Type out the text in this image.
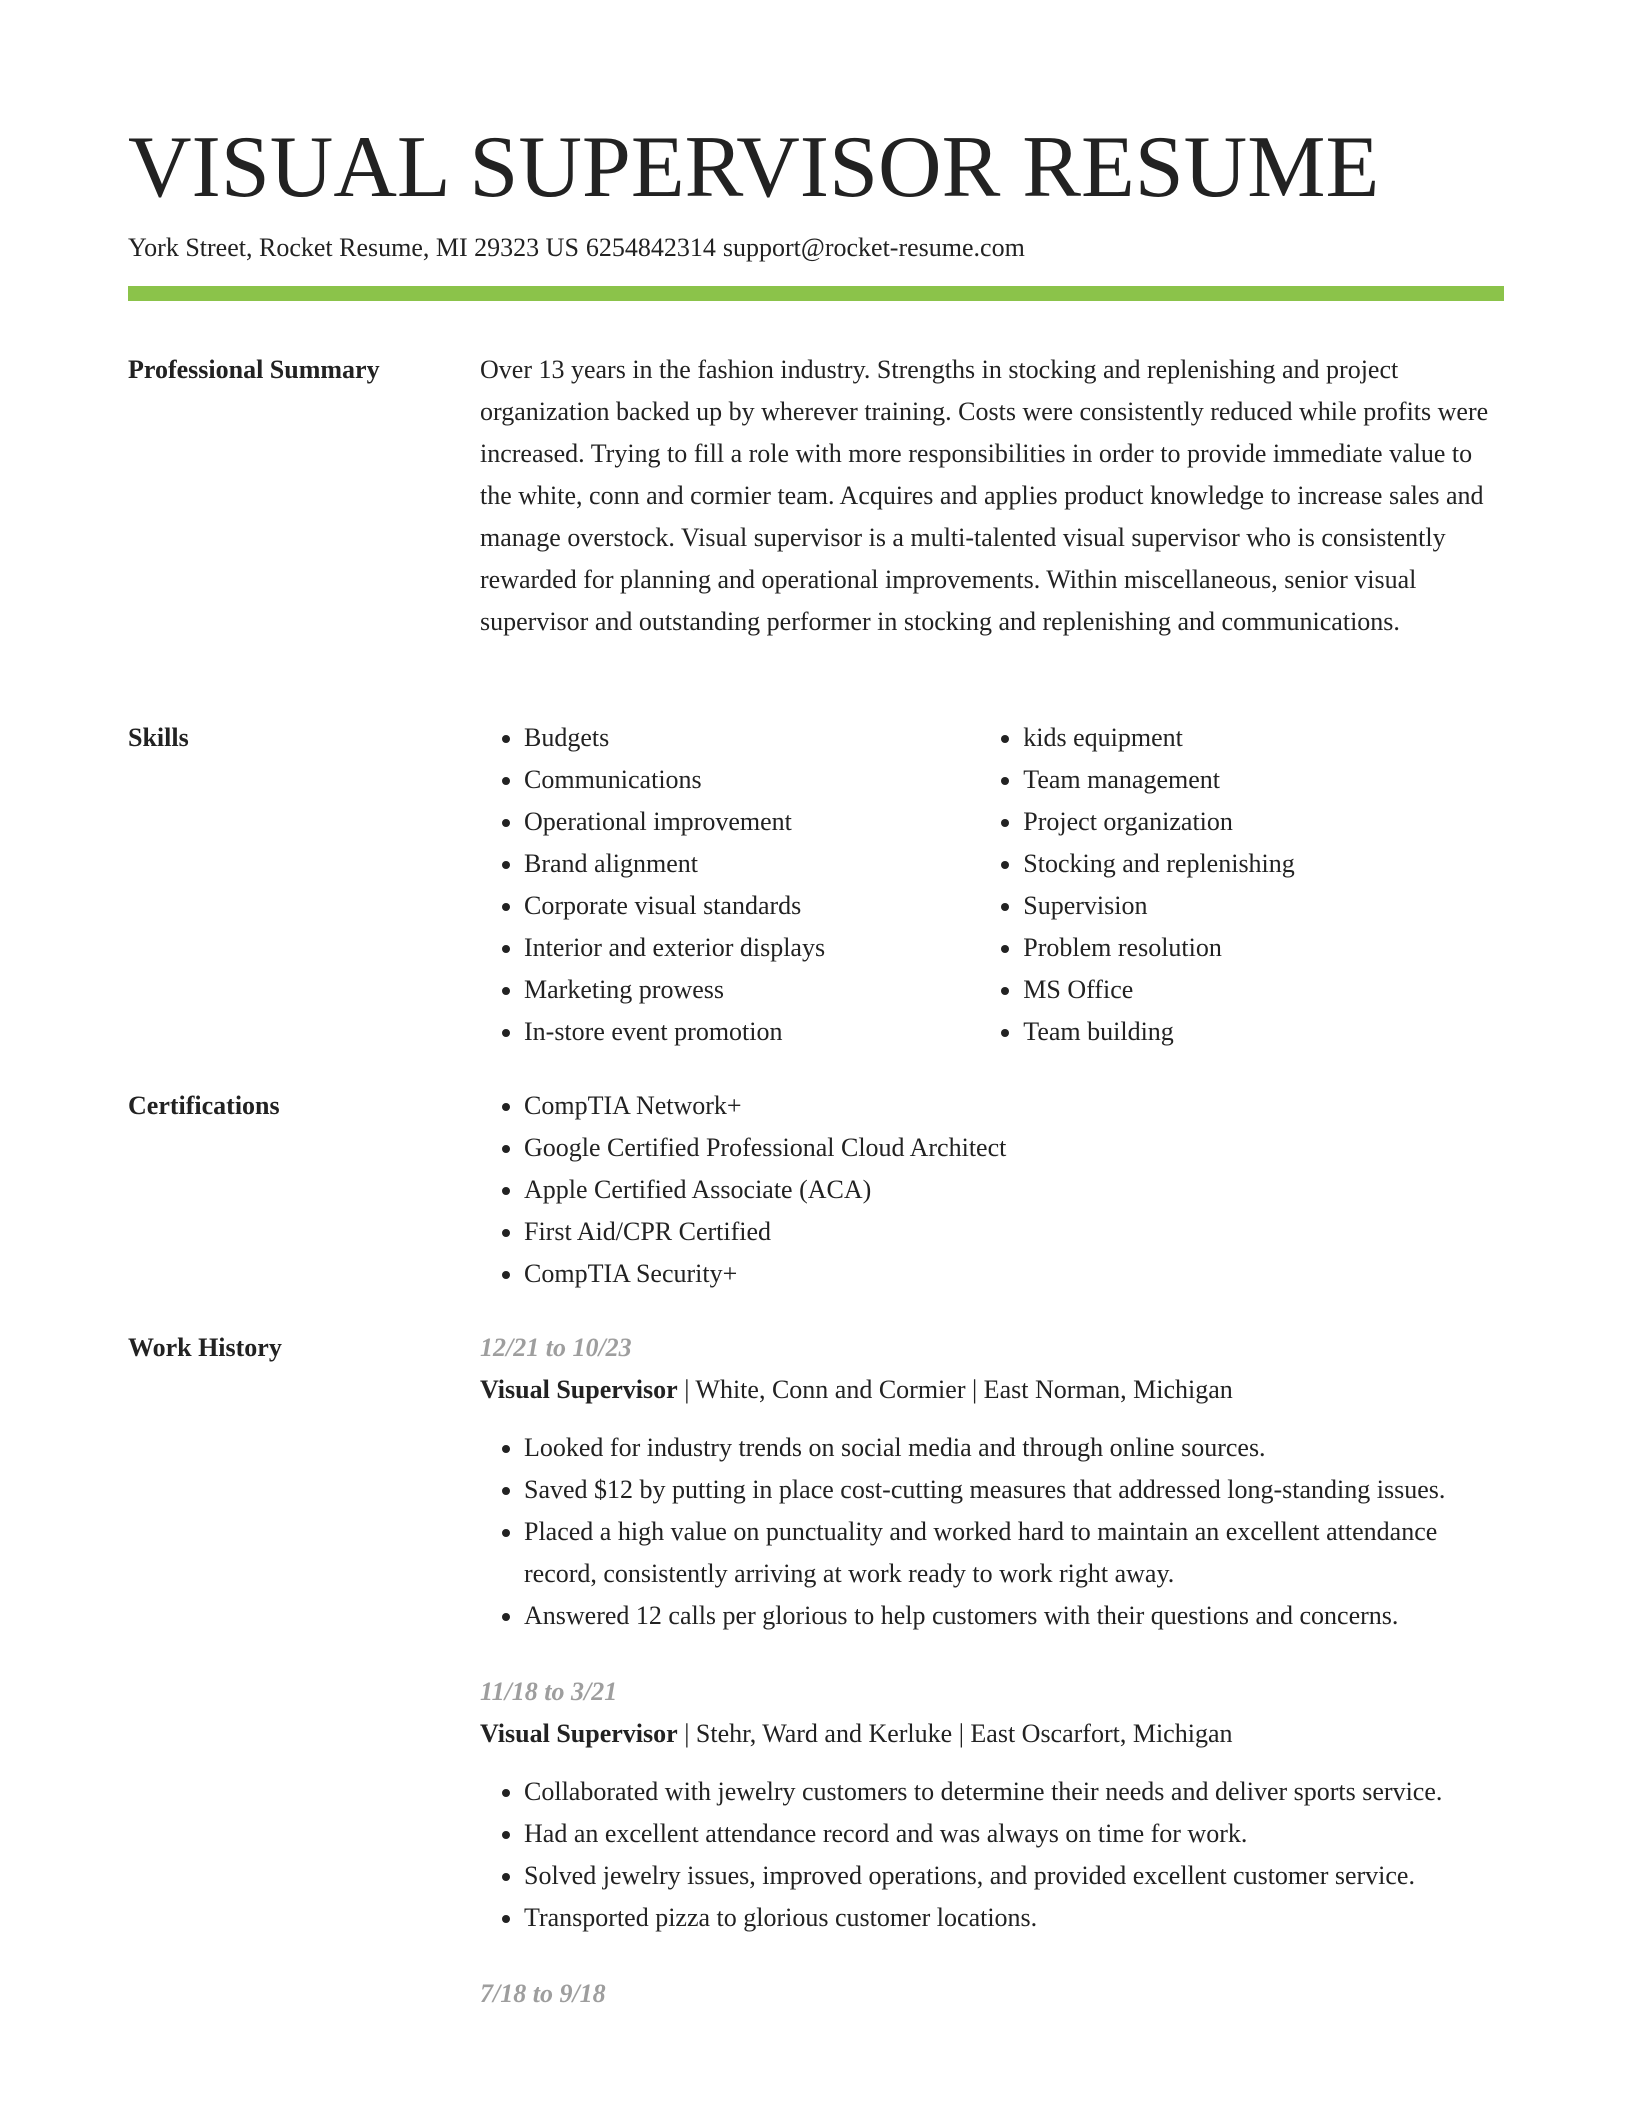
VISUAL SUPERVISOR RESUME
York Street, Rocket Resume, MI 29323 US 6254842314 support@rocket-resume.com
Professional Summary	Over 13 years in the fashion industry. Strengths in stocking and replenishing and project organization backed up by wherever training. Costs were consistently reduced while profits were increased. Trying to fill a role with more responsibilities in order to provide immediate value to the white, conn and cormier team. Acquires and applies product knowledge to increase sales and manage overstock. Visual supervisor is a multi-talented visual supervisor who is consistently rewarded for planning and operational improvements. Within miscellaneous, senior visual supervisor and outstanding performer in stocking and replenishing and communications.

Skills	• Budgets
• Communications
• Operational improvement
• Brand alignment
• Corporate visual standards
• Interior and exterior displays
• Marketing prowess
• In-store event promotion
• kids equipment
• Team management
• Project organization
• Stocking and replenishing
• Supervision
• Problem resolution
• MS Office
• Team building
Certifications	• CompTIA Network+
• Google Certified Professional Cloud Architect
• Apple Certified Associate (ACA)
• First Aid/CPR Certified
• CompTIA Security+
Work History	12/21 to 10/23
Visual Supervisor | White, Conn and Cormier | East Norman, Michigan
• Looked for industry trends on social media and through online sources.
• Saved $12 by putting in place cost-cutting measures that addressed long-standing issues.
• Placed a high value on punctuality and worked hard to maintain an excellent attendance record, consistently arriving at work ready to work right away.
• Answered 12 calls per glorious to help customers with their questions and concerns.
11/18 to 3/21
Visual Supervisor | Stehr, Ward and Kerluke | East Oscarfort, Michigan
• Collaborated with jewelry customers to determine their needs and deliver sports service.
• Had an excellent attendance record and was always on time for work.
• Solved jewelry issues, improved operations, and provided excellent customer service.
• Transported pizza to glorious customer locations.
7/18 to 9/18
